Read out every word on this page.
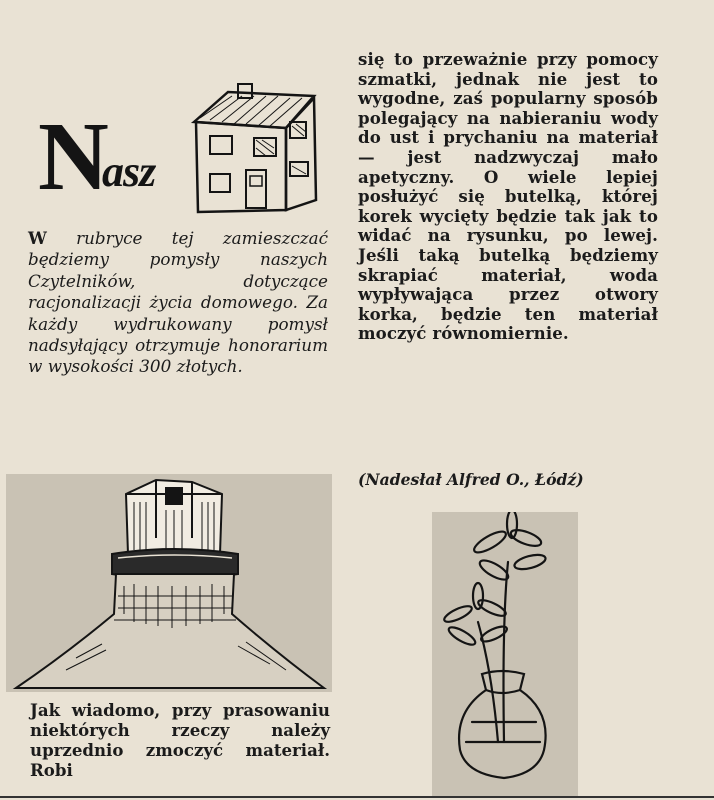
N
asz

W rubryce tej zamieszczać będziemy pomysły naszych Czytelników, dotyczące racjonalizacji życia domowego. Za każdy wydrukowany pomysł nadsyłający otrzymuje honorarium w wysokości 300 złotych.

się to przeważnie przy pomocy szmatki, jednak nie jest to wygodne, zaś popularny sposób polegający na nabieraniu wody do ust i prychaniu na materiał — jest nadzwyczaj mało apetyczny. O wiele lepiej posłużyć się butelką, której korek wycięty będzie tak jak to widać na rysunku, po lewej. Jeśli taką butelką będziemy skrapiać materiał, woda wypływająca przez otwory korka, będzie ten materiał moczyć równomiernie.

(Nadesłał Alfred O., Łódź)

Jak wiadomo, przy prasowaniu niektórych rzeczy należy uprzednio zmoczyć materiał. Robi
